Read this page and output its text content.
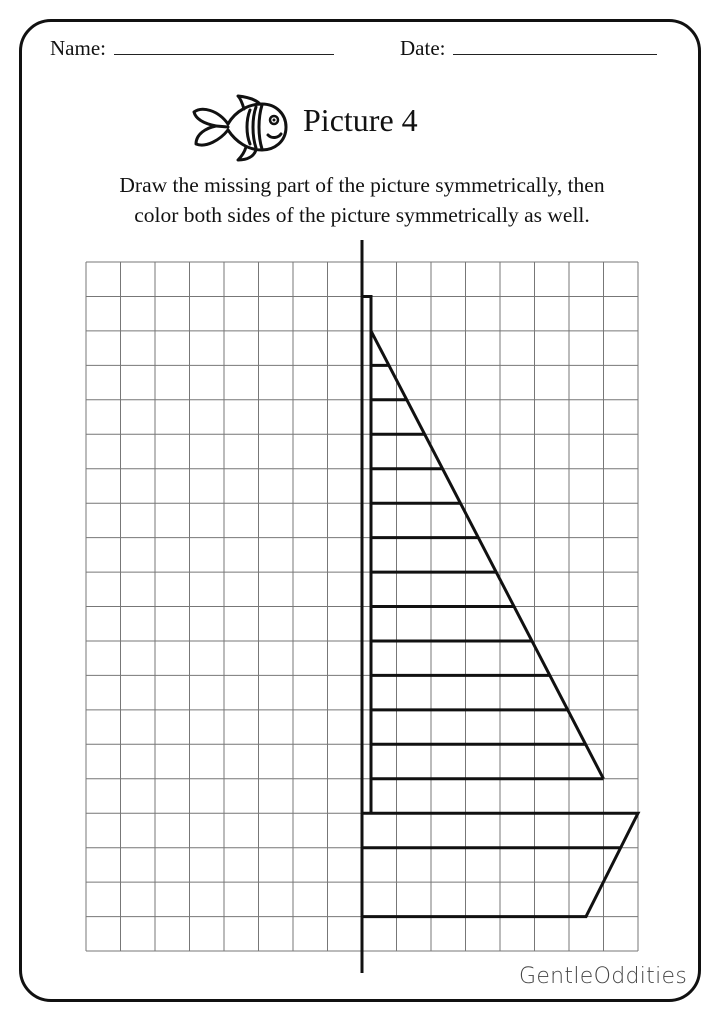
Name:	Date:
Picture 4
Draw the missing part of the picture symmetrically, then
color both sides of the picture symmetrically as well.
GentleOddities
